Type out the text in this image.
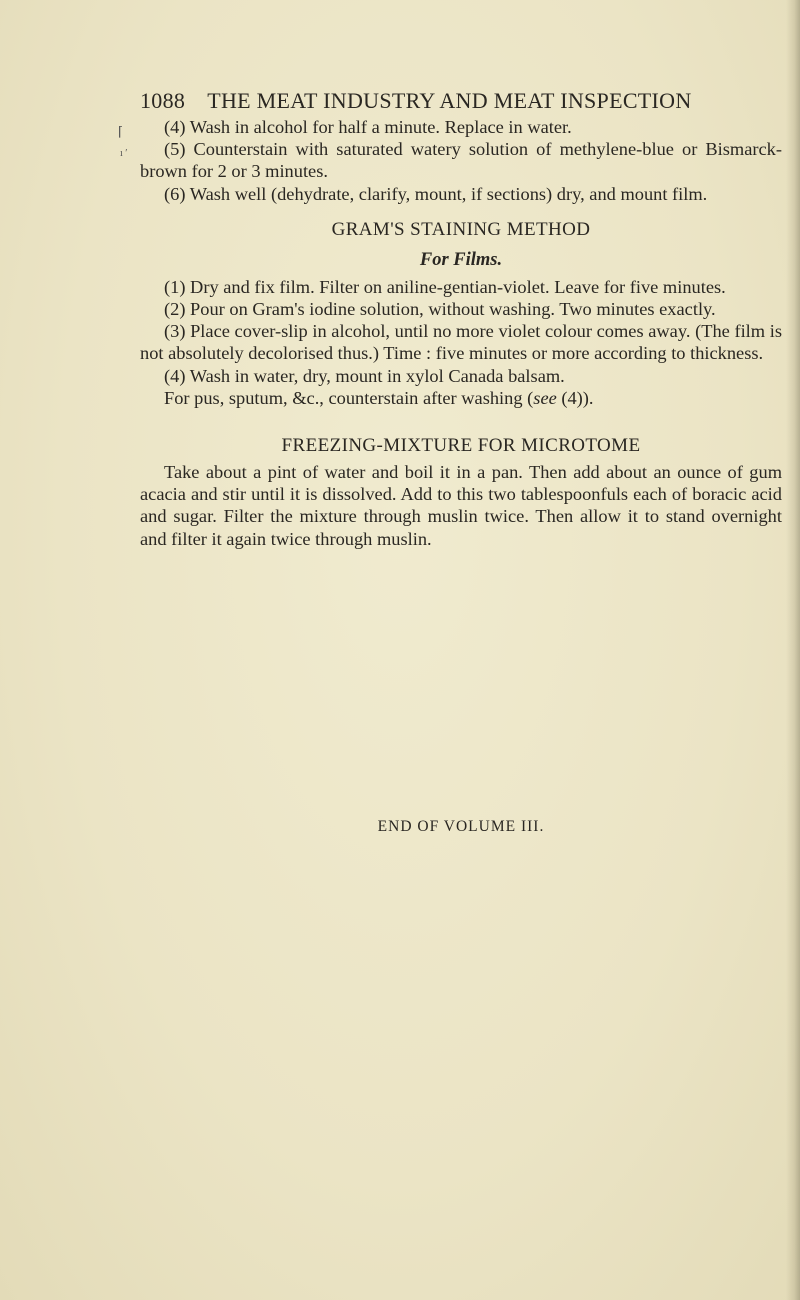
⌈
ı ′
1088 THE MEAT INDUSTRY AND MEAT INSPECTION

(4) Wash in alcohol for half a minute. Replace in water.

(5) Counterstain with saturated watery solution of methylene-blue or Bismarck-brown for 2 or 3 minutes.

(6) Wash well (dehydrate, clarify, mount, if sections) dry, and mount film.

GRAM'S STAINING METHOD
For Films.

(1) Dry and fix film. Filter on aniline-gentian-violet. Leave for five minutes.

(2) Pour on Gram's iodine solution, without washing. Two minutes exactly.

(3) Place cover-slip in alcohol, until no more violet colour comes away. (The film is not absolutely decolorised thus.) Time : five minutes or more according to thickness.

(4) Wash in water, dry, mount in xylol Canada balsam.

For pus, sputum, &c., counterstain after washing (see (4)).

FREEZING-MIXTURE FOR MICROTOME

Take about a pint of water and boil it in a pan. Then add about an ounce of gum acacia and stir until it is dissolved. Add to this two tablespoonfuls each of boracic acid and sugar. Filter the mixture through muslin twice. Then allow it to stand overnight and filter it again twice through muslin.

END OF VOLUME III.
